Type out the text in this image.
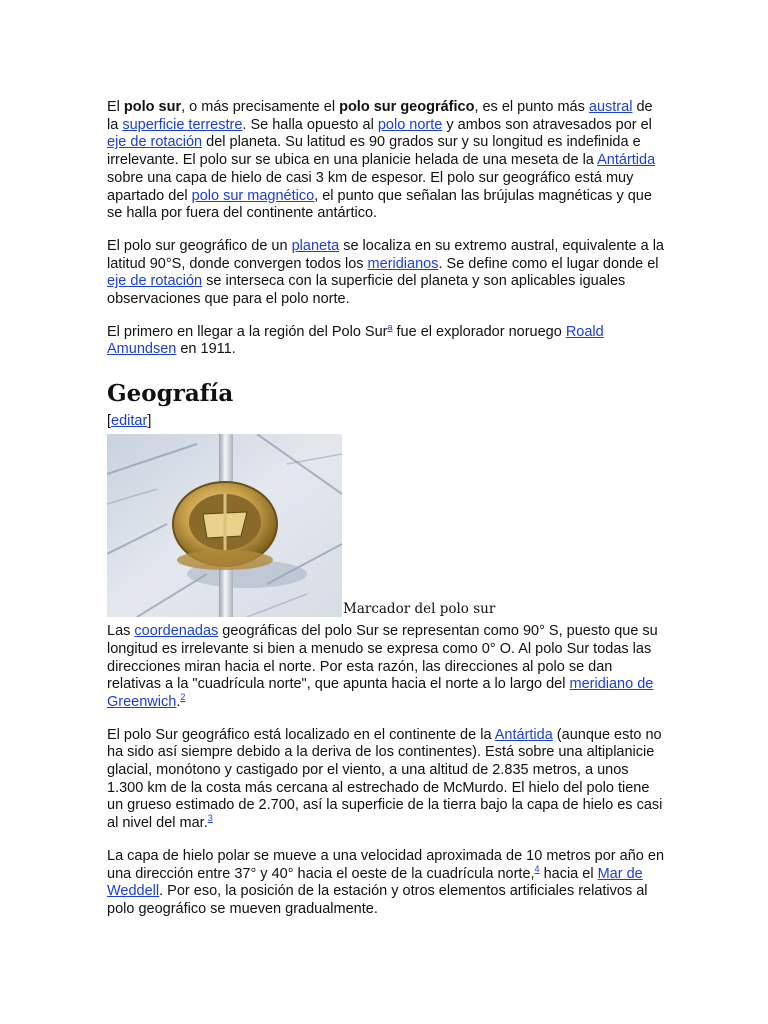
El polo sur, o más precisamente el polo sur geográfico, es el punto más austral de la superficie terrestre. Se halla opuesto al polo norte y ambos son atravesados por el eje de rotación del planeta. Su latitud es 90 grados sur y su longitud es indefinida e irrelevante. El polo sur se ubica en una planicie helada de una meseta de la Antártida sobre una capa de hielo de casi 3 km de espesor. El polo sur geográfico está muy apartado del polo sur magnético, el punto que señalan las brújulas magnéticas y que se halla por fuera del continente antártico.

El polo sur geográfico de un planeta se localiza en su extremo austral, equivalente a la latitud 90°S, donde convergen todos los meridianos. Se define como el lugar donde el eje de rotación se interseca con la superficie del planeta y son aplicables iguales observaciones que para el polo norte.

El primero en llegar a la región del Polo Sur$^a$ fue el explorador noruego Roald Amundsen en 1911.

Geografía
[editar]
Marcador del polo sur

Las coordenadas geográficas del polo Sur se representan como 90° S, puesto que su longitud es irrelevante si bien a menudo se expresa como 0° O. Al polo Sur todas las direcciones miran hacia el norte. Por esta razón, las direcciones al polo se dan relativas a la "cuadrícula norte", que apunta hacia el norte a lo largo del meridiano de Greenwich.$^2$

El polo Sur geográfico está localizado en el continente de la Antártida (aunque esto no ha sido así siempre debido a la deriva de los continentes). Está sobre una altiplanicie glacial, monótono y castigado por el viento, a una altitud de 2.835 metros, a unos 1.300 km de la costa más cercana al estrechado de McMurdo. El hielo del polo tiene un grueso estimado de 2.700, así la superficie de la tierra bajo la capa de hielo es casi al nivel del mar.$^3$

La capa de hielo polar se mueve a una velocidad aproximada de 10 metros por año en una dirección entre 37° y 40° hacia el oeste de la cuadrícula norte,$^4$ hacia el Mar de Weddell. Por eso, la posición de la estación y otros elementos artificiales relativos al polo geográfico se mueven gradualmente.
